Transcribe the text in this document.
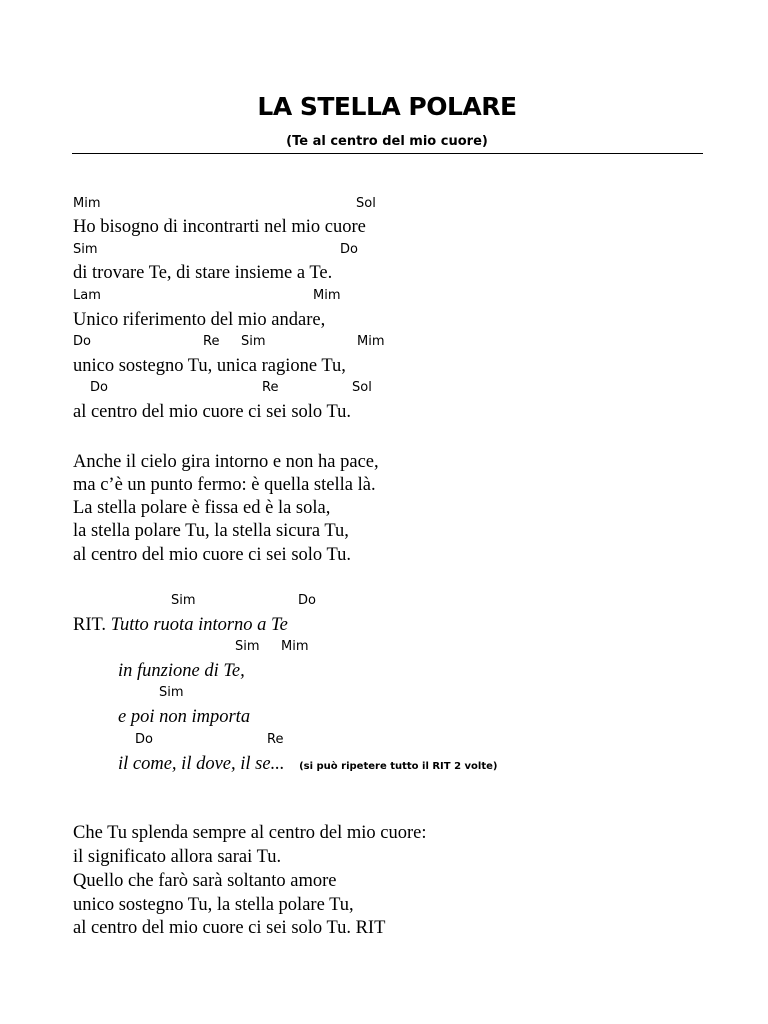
LA STELLA POLARE
(Te al centro del mio cuore)
Mim	Sol
Ho bisogno di incontrarti nel mio cuore
Sim	Do
di trovare Te, di stare insieme a Te.
Lam	Mim
Unico riferimento del mio andare,
Do	Re Sim	Mim
unico sostegno Tu, unica ragione Tu,
Do	Re	Sol
al centro del mio cuore ci sei solo Tu.
Anche il cielo gira intorno e non ha pace,
ma c’è un punto fermo: è quella stella là.
La stella polare è fissa ed è la sola,
la stella polare Tu, la stella sicura Tu,
al centro del mio cuore ci sei solo Tu.
Sim	Do
RIT. Tutto ruota intorno a Te
Sim Mim
in funzione di Te,
Sim
e poi non importa
Do	Re
il come, il dove, il se... (si può ripetere tutto il RIT 2 volte)
Che Tu splenda sempre al centro del mio cuore:
il significato allora sarai Tu.
Quello che farò sarà soltanto amore
unico sostegno Tu, la stella polare Tu,
al centro del mio cuore ci sei solo Tu. RIT
